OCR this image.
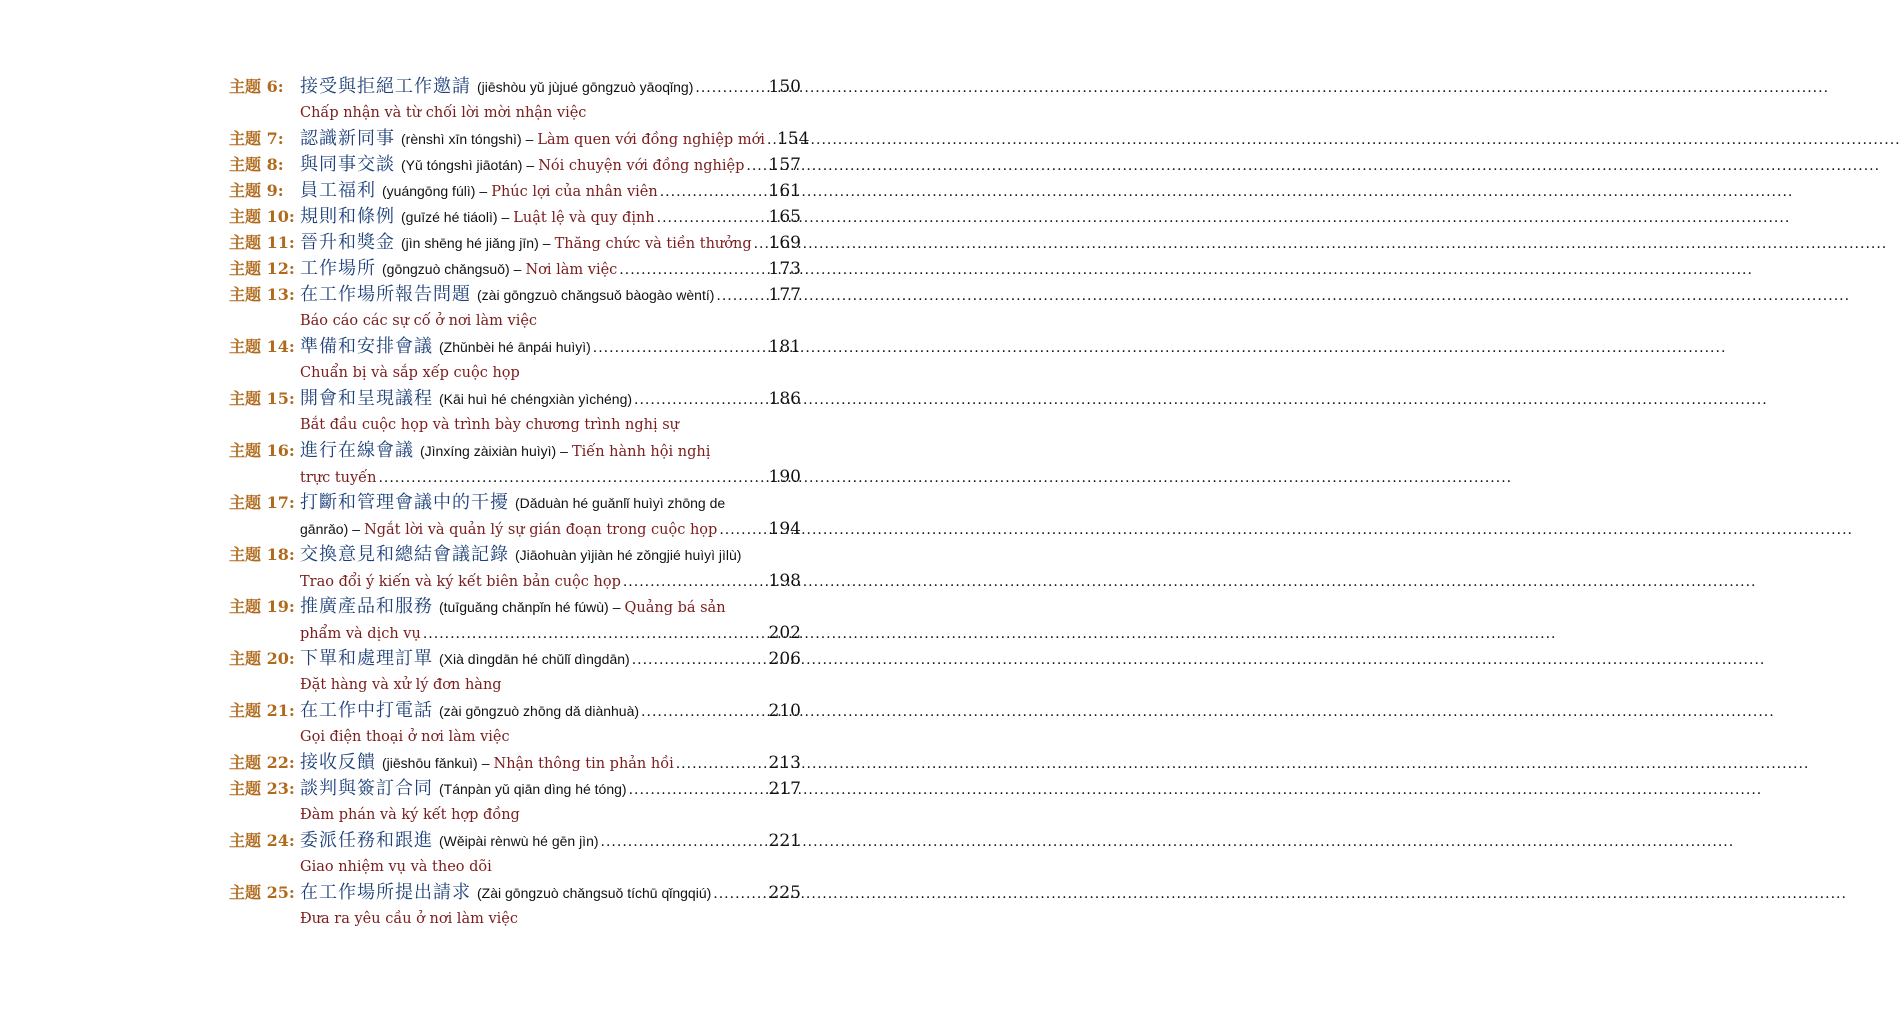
主题 6: 接受與拒絕工作邀請 (jiēshòu yǔ jùjué gōngzuò yāoqǐng) .....	150
Chấp nhận và từ chối lời mời nhận việc
主题 7: 認識新同事 (rènshì xīn tóngshì) – Làm quen với đồng nghiệp mới ..... 154
主题 8: 與同事交談 (Yǔ tóngshì jiāotán) – Nói chuyện với đồng nghiệp ..... 157
主题 9: 員工福利 (yuángōng fúlì) – Phúc lợi của nhân viên .....	161
主题 10: 規則和條例 (guīzé hé tiáolì) – Luật lệ và quy định .....	165
主题 11: 晉升和獎金 (jìn shēng hé jiǎng jīn) – Thăng chức và tiền thưởng ..... 169
主题 12: 工作場所 (gōngzuò chǎngsuǒ) – Nơi làm việc .....	173
主题 13: 在工作場所報告問題 (zài gōngzuò chǎngsuǒ bàogào wèntí) .....	177
Báo cáo các sự cố ở nơi làm việc
主题 14: 準備和安排會議 (Zhǔnbèi hé ānpái huìyì) .....	181
Chuẩn bị và sắp xếp cuộc họp
主题 15: 開會和呈現議程 (Kāi huì hé chéngxiàn yìchéng) .....	186
Bắt đầu cuộc họp và trình bày chương trình nghị sự
主题 16: 進行在線會議 (Jìnxíng zàixiàn huìyì) – Tiến hành hội nghị
trực tuyến .....	190
主题 17: 打斷和管理會議中的干擾 (Dǎduàn hé guǎnlǐ huìyì zhōng de
gānrǎo) – Ngắt lời và quản lý sự gián đoạn trong cuộc họp .....	194
主题 18: 交換意見和總結會議記錄 (Jiāohuàn yìjiàn hé zǒngjié huìyì jìlù)
Trao đổi ý kiến và ký kết biên bản cuộc họp .....	198
主题 19: 推廣產品和服務 (tuīguǎng chǎnpǐn hé fúwù) – Quảng bá sản
phẩm và dịch vụ .....	202
主题 20: 下單和處理訂單 (Xià dìngdān hé chǔlǐ dìngdān) .....	206
Đặt hàng và xử lý đơn hàng
主题 21: 在工作中打電話 (zài gōngzuò zhōng dǎ diànhuà) .....	210
Gọi điện thoại ở nơi làm việc
主题 22: 接收反饋 (jiēshōu fǎnkuì) – Nhận thông tin phản hồi .....	213
主题 23: 談判與簽訂合同 (Tánpàn yǔ qiān dìng hé tóng) .....	217
Đàm phán và ký kết hợp đồng
主题 24: 委派任務和跟進 (Wěipài rènwù hé gēn jìn) .....	221
Giao nhiệm vụ và theo dõi
主题 25: 在工作場所提出請求 (Zài gōngzuò chǎngsuǒ tíchū qǐngqiú) .....	225
Đưa ra yêu cầu ở nơi làm việc
